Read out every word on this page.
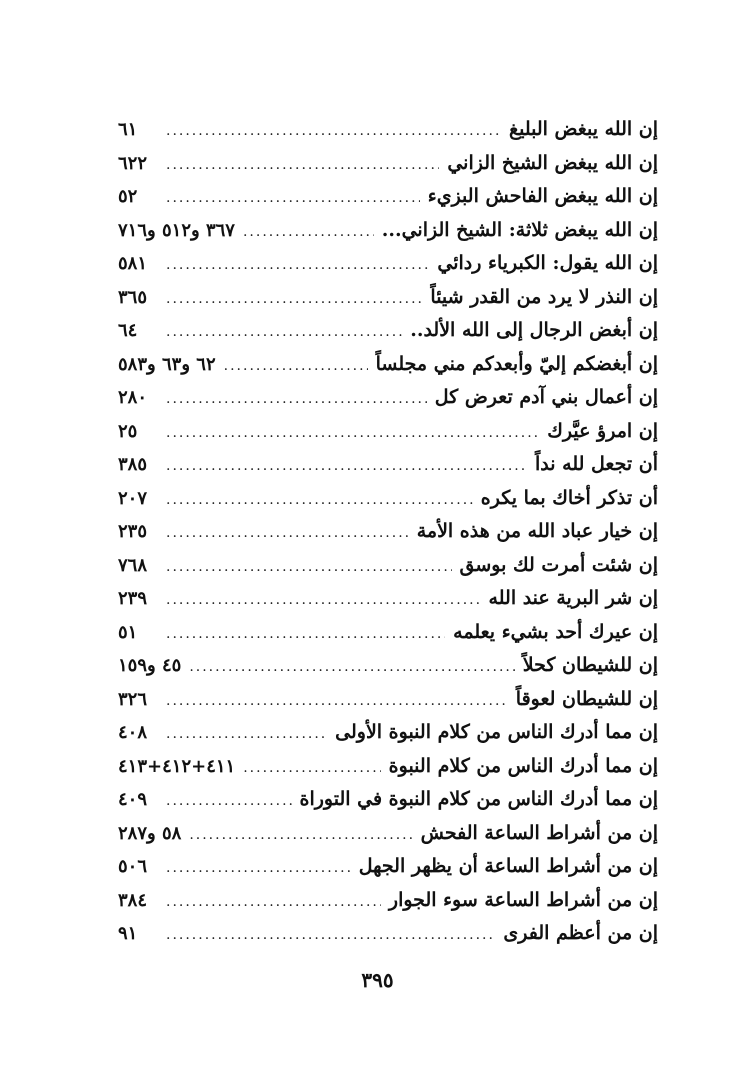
إن الله يبغض البليغ
.....
٦١
إن الله يبغض الشيخ الزاني
.....
٦٢٢
إن الله يبغض الفاحش البزيء
.....
٥٢
إن الله يبغض ثلاثة: الشيخ الزاني...
.....
٣٦٧ و٥١٢ و٧١٦
إن الله يقول: الكبرياء ردائي
.....
٥٨١
إن النذر لا يرد من القدر شيئاً
.....
٣٦٥
إن أبغض الرجال إلى الله الألد..
.....
٦٤
إن أبغضكم إليّ وأبعدكم مني مجلساً
.....
٦٢ و٦٣ و٥٨٣
إن أعمال بني آدم تعرض كل
.....
٢٨٠
إن امرؤ عيَّرك
.....
٢٥
أن تجعل لله نداً
.....
٣٨٥
أن تذكر أخاك بما يكره
.....
٢٠٧
إن خيار عباد الله من هذه الأمة
.....
٢٣٥
إن شئت أمرت لك بوسق
.....
٧٦٨
إن شر البرية عند الله
.....
٢٣٩
إن عيرك أحد بشيء يعلمه
.....
٥١
إن للشيطان كحلاً
.....
٤٥ و١٥٩
إن للشيطان لعوقاً
.....
٣٢٦
إن مما أدرك الناس من كلام النبوة الأولى
.....
٤٠٨
إن مما أدرك الناس من كلام النبوة
.....
٤١١+٤١٢+٤١٣
إن مما أدرك الناس من كلام النبوة في التوراة
.....
٤٠٩
إن من أشراط الساعة الفحش
.....
٥٨ و٢٨٧
إن من أشراط الساعة أن يظهر الجهل
.....
٥٠٦
إن من أشراط الساعة سوء الجوار
.....
٣٨٤
إن من أعظم الفرى
.....
٩١
٣٩٥
